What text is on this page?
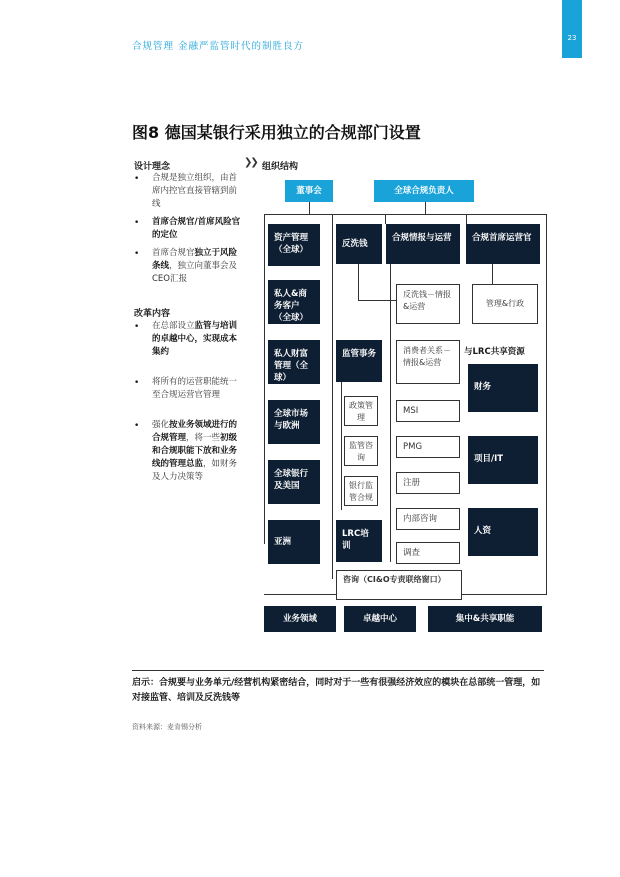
23
合规管理 金融严监管时代的制胜良方
图8 德国某银行采用独立的合规部门设置
设计理念
• 合规是独立组织，由首席内控官直接管辖到前线
• 首席合规官/首席风险官的定位
• 首席合规官独立于风险条线，独立向董事会及CEO汇报
改革内容
• 在总部设立监管与培训的卓越中心，实现成本集约
• 将所有的运营职能统一至合规运营官管理
• 强化按业务领域进行的合规管理，将一些初级和合规职能下放和业务线的管理总监，如财务及人力决策等
❯❯ 组织结构
董事会	全球合规负责人
资产管理（全球）
私人&商务客户（全球）
私人财富管理（全球）
全球市场与欧洲
全球银行及美国
亚洲
反洗钱
监管事务
政策管理
监管咨询
银行监管合规
LRC培训
合规情报与运营
反洗钱－情报&运营
消费者关系－情报&运营
MSI
PMG
注册
内部咨询
调查
合规首席运营官
管理&行政
与LRC共享资源
财务
项目/IT
人资
咨询（CI&O专责联络窗口）
业务领域	卓越中心	集中&共享职能
启示：合规要与业务单元/经营机构紧密结合，同时对于一些有很强经济效应的模块在总部统一管理，如对接监管、培训及反洗钱等
资料来源：麦肯锡分析
